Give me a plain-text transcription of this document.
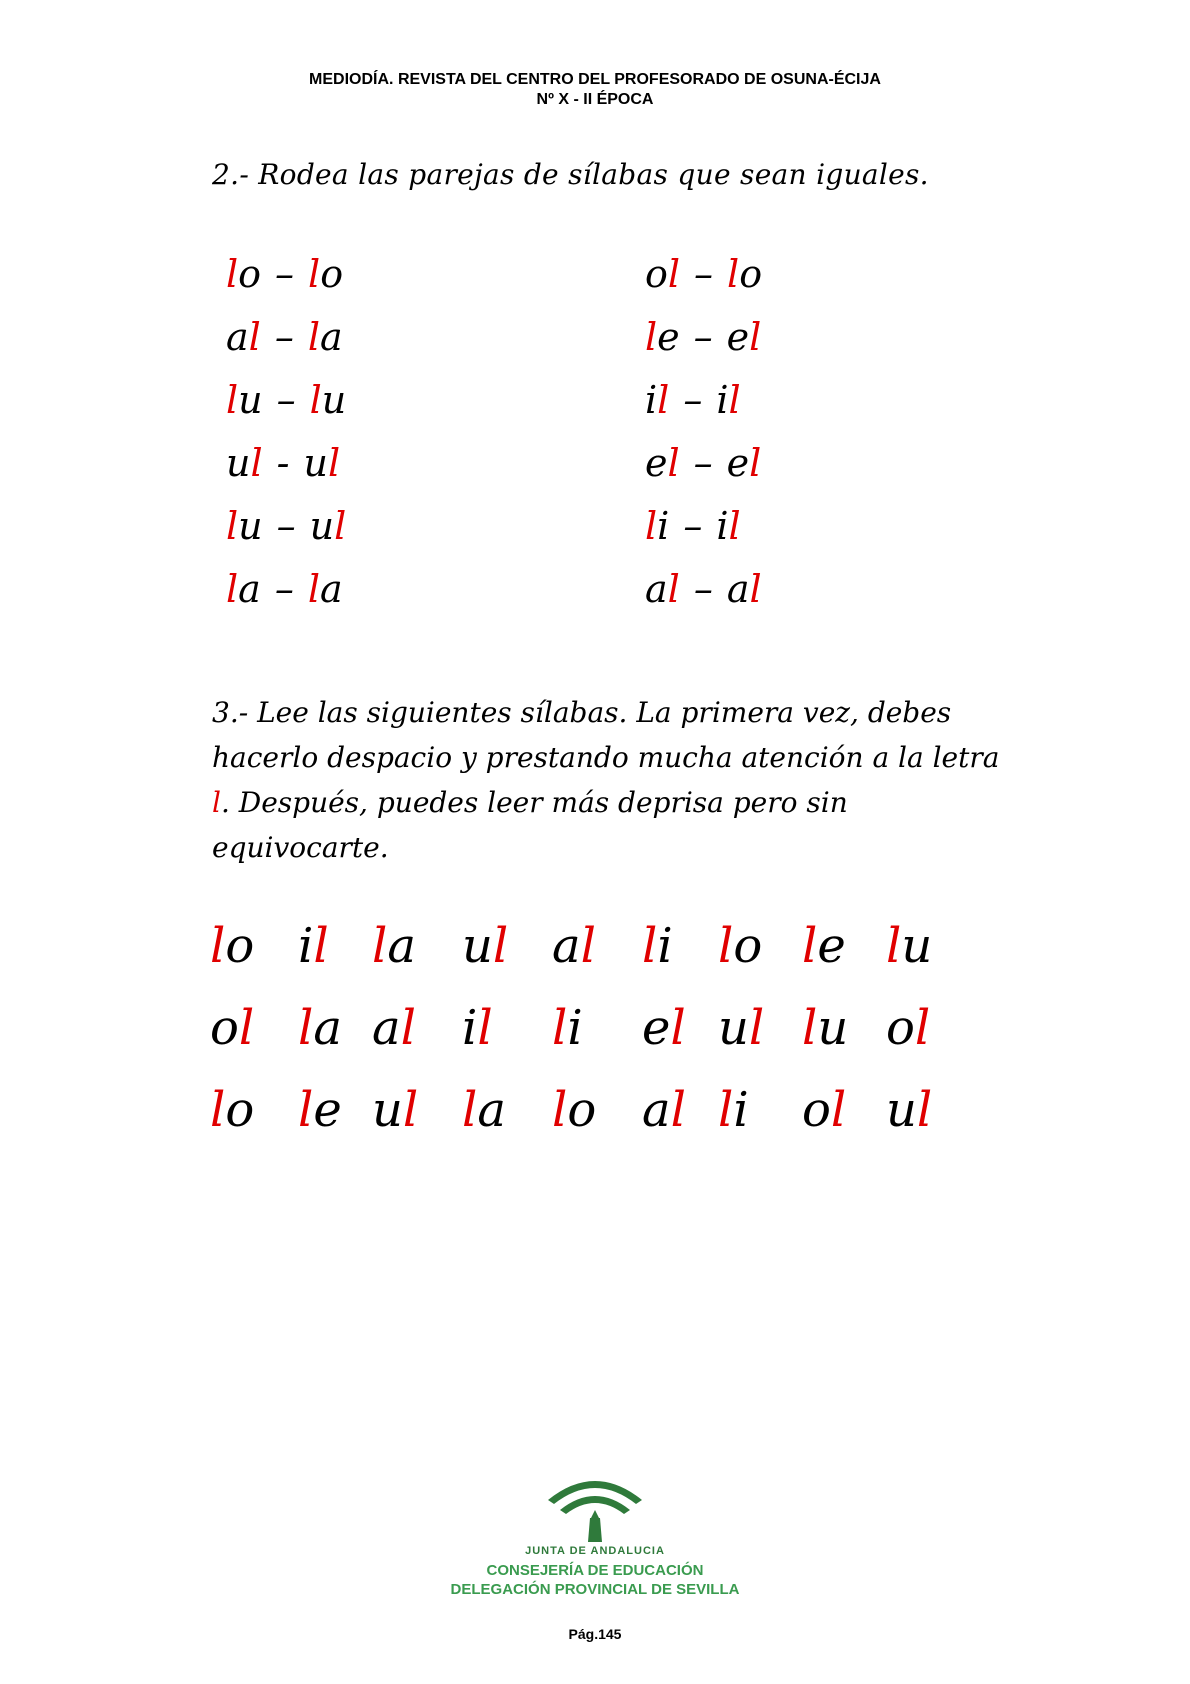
MEDIODÍA. REVISTA DEL CENTRO DEL PROFESORADO DE OSUNA-ÉCIJA
Nº X - II ÉPOCA
2.- Rodea las parejas de sílabas que sean iguales.
lo – lo
al – la
lu – lu
ul - ul
lu – ul
la – la
ol – lo
le – el
il – il
el – el
li – il
al – al
3.- Lee las siguientes sílabas. La primera vez, debes hacerlo despacio y prestando mucha atención a la letra l. Después, puedes leer más deprisa pero sin equivocarte.
lo il la ul al li lo le lu
ol la al il li el ul lu ol
lo le ul la lo al li ol ul
JUNTA DE ANDALUCIA
CONSEJERÍA DE EDUCACIÓN
DELEGACIÓN PROVINCIAL DE SEVILLA
Pág.145
